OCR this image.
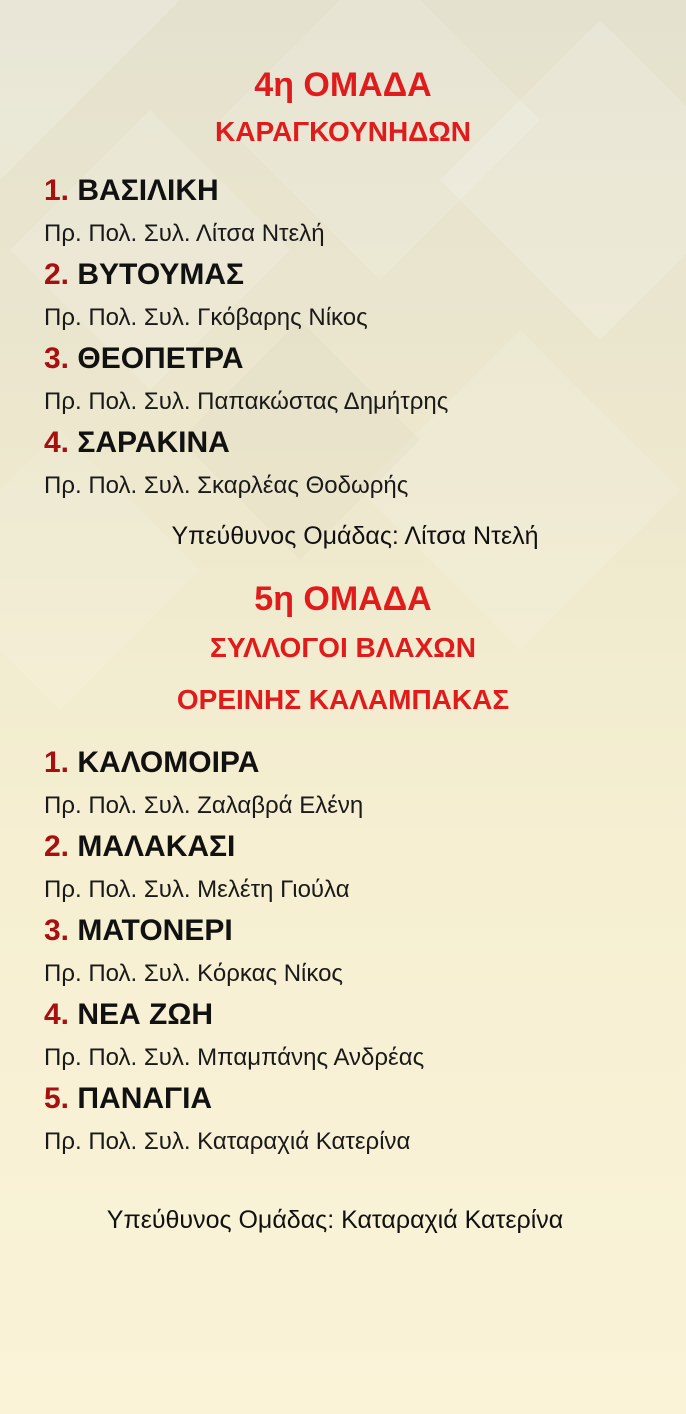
4η ΟΜΑΔΑ
ΚΑΡΑΓΚΟΥΝΗΔΩΝ
1. ΒΑΣΙΛΙΚΗ
Πρ. Πολ. Συλ. Λίτσα Ντελή
2. ΒΥΤΟΥΜΑΣ
Πρ. Πολ. Συλ. Γκόβαρης Νίκος
3. ΘΕΟΠΕΤΡΑ
Πρ. Πολ. Συλ. Παπακώστας Δημήτρης
4. ΣΑΡΑΚΙΝΑ
Πρ. Πολ. Συλ. Σκαρλέας Θοδωρής
Υπεύθυνος Ομάδας: Λίτσα Ντελή
5η ΟΜΑΔΑ
ΣΥΛΛΟΓΟΙ ΒΛΑΧΩΝ
ΟΡΕΙΝΗΣ ΚΑΛΑΜΠΑΚΑΣ
1. ΚΑΛΟΜΟΙΡΑ
Πρ. Πολ. Συλ. Ζαλαβρά Ελένη
2. ΜΑΛΑΚΑΣΙ
Πρ. Πολ. Συλ. Μελέτη Γιούλα
3. ΜΑΤΟΝΕΡΙ
Πρ. Πολ. Συλ. Κόρκας Νίκος
4. ΝΕΑ ΖΩΗ
Πρ. Πολ. Συλ. Μπαμπάνης Ανδρέας
5. ΠΑΝΑΓΙΑ
Πρ. Πολ. Συλ. Καταραχιά Κατερίνα
Υπεύθυνος Ομάδας: Καταραχιά Κατερίνα
